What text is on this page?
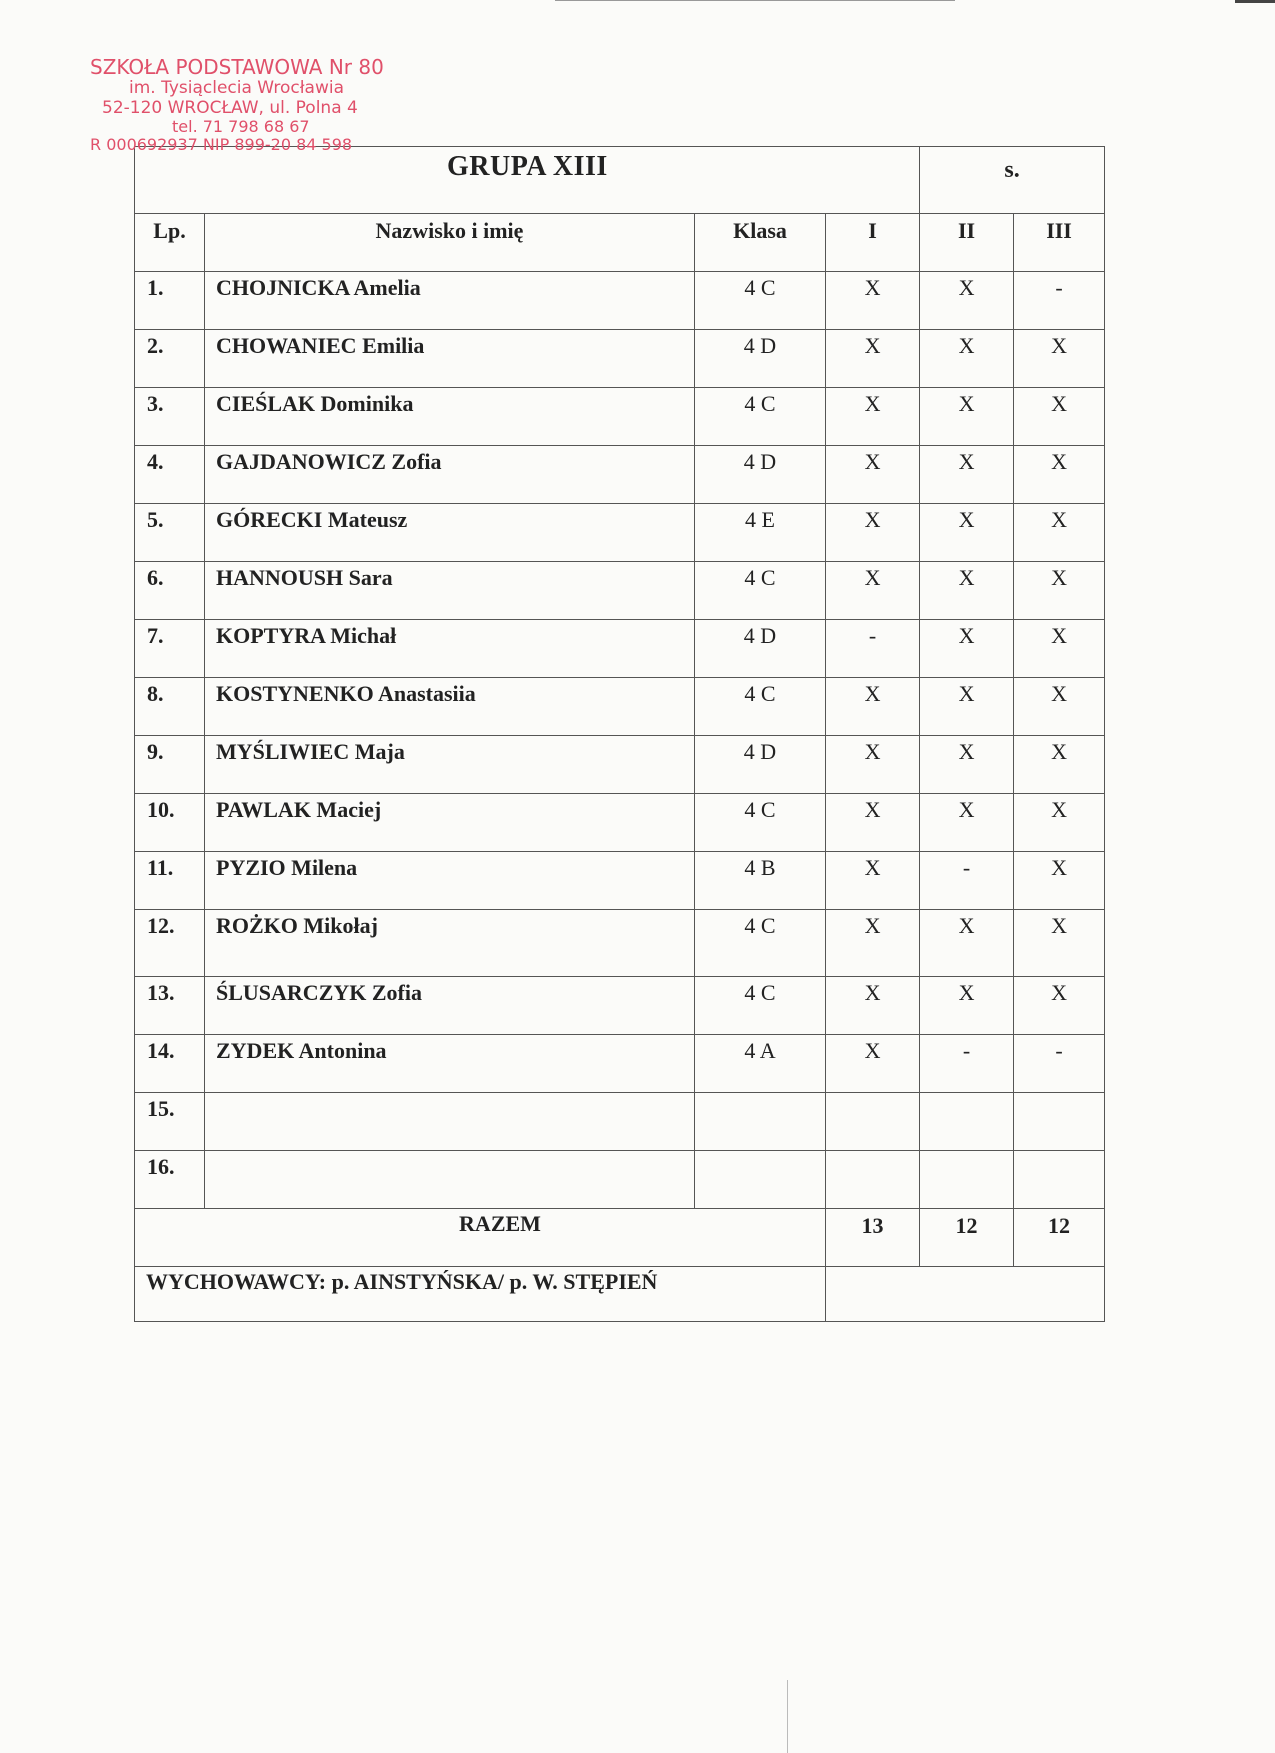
SZKOŁA PODSTAWOWA Nr 80
im. Tysiąclecia Wrocławia
52-120 WROCŁAW, ul. Polna 4
tel. 71 798 68 67
R 000692937 NIP 899-20 84 598
GRUPA XIII				s.	

Lp.	Nazwisko i imię	Klasa	I	II	III

1.	CHOJNICKA Amelia	4 C	X	X	-

2.	CHOWANIEC Emilia	4 D	X	X	X

3.	CIEŚLAK Dominika	4 C	X	X	X

4.	GAJDANOWICZ Zofia	4 D	X	X	X

5.	GÓRECKI Mateusz	4 E	X	X	X

6.	HANNOUSH Sara	4 C	X	X	X

7.	KOPTYRA Michał	4 D	-	X	X

8.	KOSTYNENKO Anastasiia	4 C	X	X	X

9.	MYŚLIWIEC Maja	4 D	X	X	X

10.	PAWLAK Maciej	4 C	X	X	X

11.	PYZIO Milena	4 B	X	-	X

12.	ROŻKO Mikołaj	4 C	X	X	X

13.	ŚLUSARCZYK Zofia	4 C	X	X	X

14.	ZYDEK Antonina	4 A	X	-	-

15.					

16.					

RAZEM			13	12	12

WYCHOWAWCY: p. AINSTYŃSKA/ p. W. STĘPIEŃ					
